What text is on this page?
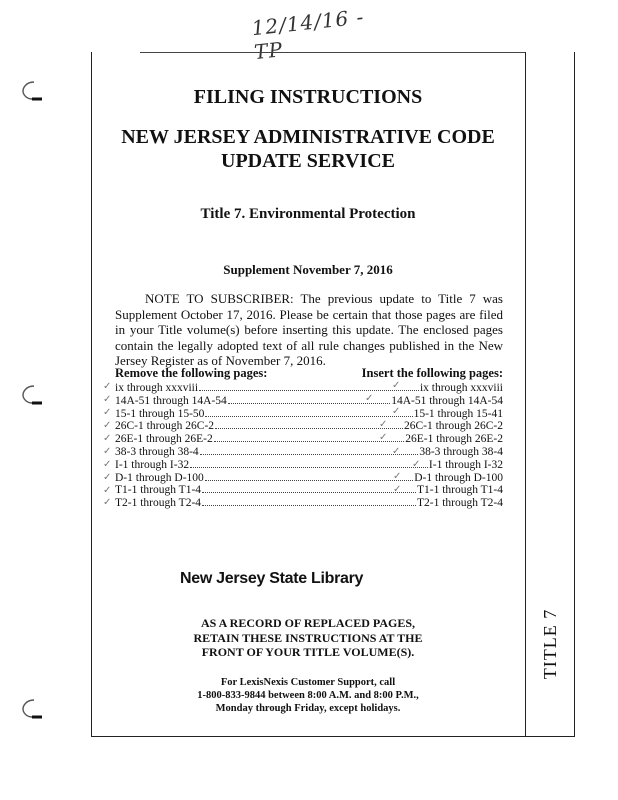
12/14/16 - TP
TITLE 7
FILING INSTRUCTIONS
NEW JERSEY ADMINISTRATIVE CODE
UPDATE SERVICE
Title 7. Environmental Protection
Supplement November 7, 2016
NOTE TO SUBSCRIBER: The previous update to Title 7 was Supplement October 17, 2016. Please be certain that those pages are filed in your Title volume(s) before inserting this update. The enclosed pages contain the legally adopted text of all rule changes published in the New Jersey Register as of November 7, 2016.
Remove the following pages:	Insert the following pages:
ix through xxxviii	ix through xxxviii
14A-51 through 14A-54	14A-51 through 14A-54
15-1 through 15-50	15-1 through 15-41
26C-1 through 26C-2	26C-1 through 26C-2
26E-1 through 26E-2	26E-1 through 26E-2
38-3 through 38-4	38-3 through 38-4
I-1 through I-32	I-1 through I-32
D-1 through D-100	D-1 through D-100
T1-1 through T1-4	T1-1 through T1-4
T2-1 through T2-4	T2-1 through T2-4
✓
✓
✓
✓
✓
✓
✓
✓
✓
✓
✓
✓
✓
✓
✓
✓
✓
✓
✓
New Jersey State Library
AS A RECORD OF REPLACED PAGES,
RETAIN THESE INSTRUCTIONS AT THE
FRONT OF YOUR TITLE VOLUME(S).
For LexisNexis Customer Support, call
1-800-833-9844 between 8:00 A.M. and 8:00 P.M.,
Monday through Friday, except holidays.
